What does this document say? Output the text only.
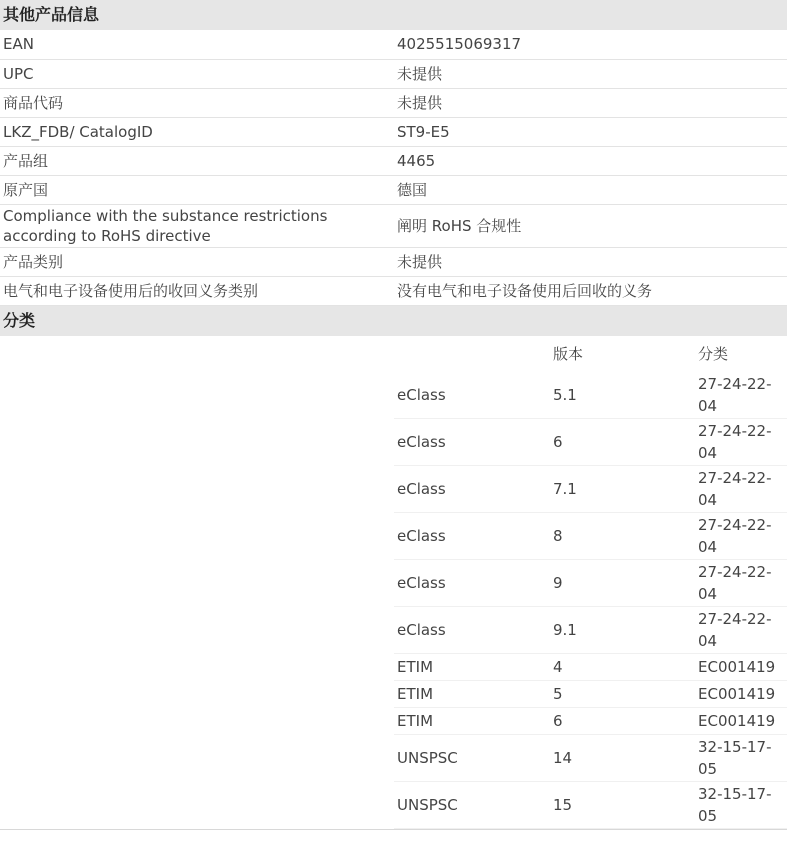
其他产品信息
EAN	4025515069317
UPC	未提供
商品代码	未提供
LKZ_FDB/ CatalogID	ST9-E5
产品组	4465
原产国	德国
Compliance with the substance restrictions according to RoHS directive	阐明 RoHS 合规性
产品类别	未提供
电气和电子设备使用后的收回义务类别	没有电气和电子设备使用后回收的义务
分类
		版本	分类
	eClass	5.1	27-24-22-04
	eClass	6	27-24-22-04
	eClass	7.1	27-24-22-04
	eClass	8	27-24-22-04
	eClass	9	27-24-22-04
	eClass	9.1	27-24-22-04
	ETIM	4	EC001419
	ETIM	5	EC001419
	ETIM	6	EC001419
	UNSPSC	14	32-15-17-05
	UNSPSC	15	32-15-17-05
